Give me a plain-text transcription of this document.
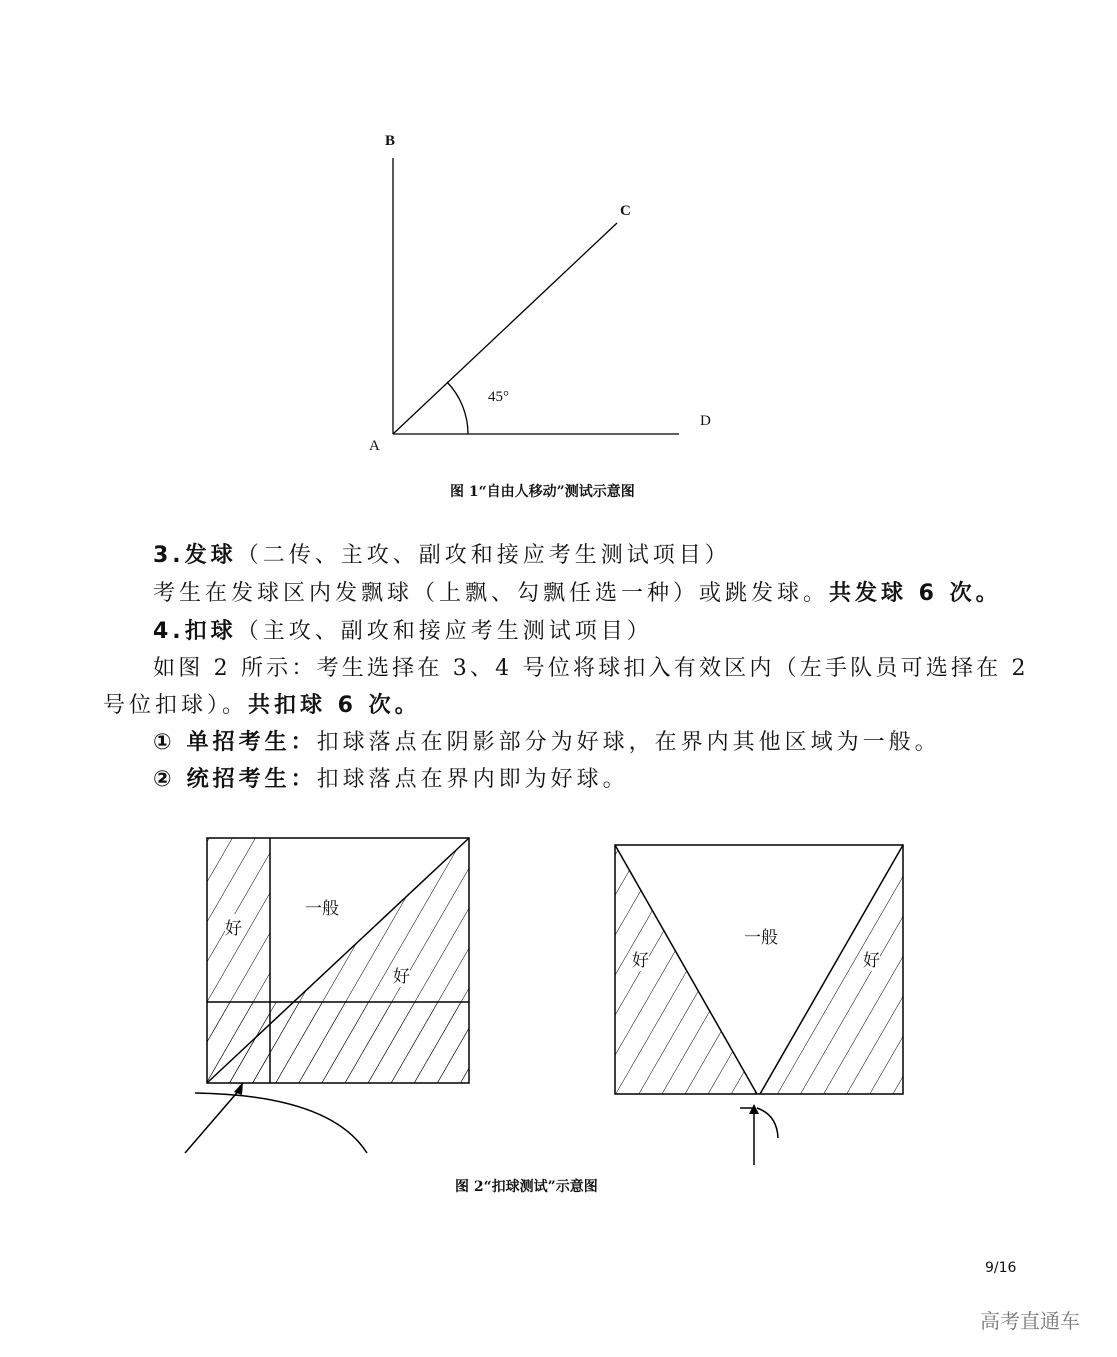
B
C
45°
D
A
图 1“自由人移动”测试示意图
3.发球（二传、主攻、副攻和接应考生测试项目）
考生在发球区内发飘球（上飘、勾飘任选一种）或跳发球。共发球 6 次。
4.扣球（主攻、副攻和接应考生测试项目）
如图 2 所示：考生选择在 3、4 号位将球扣入有效区内（左手队员可选择在 2
号位扣球）。共扣球 6 次。
① 单招考生：扣球落点在阴影部分为好球，在界内其他区域为一般。
② 统招考生：扣球落点在界内即为好球。
好
一般
好
好
一般
好
图 2“扣球测试”示意图
9/16
高考直通车
